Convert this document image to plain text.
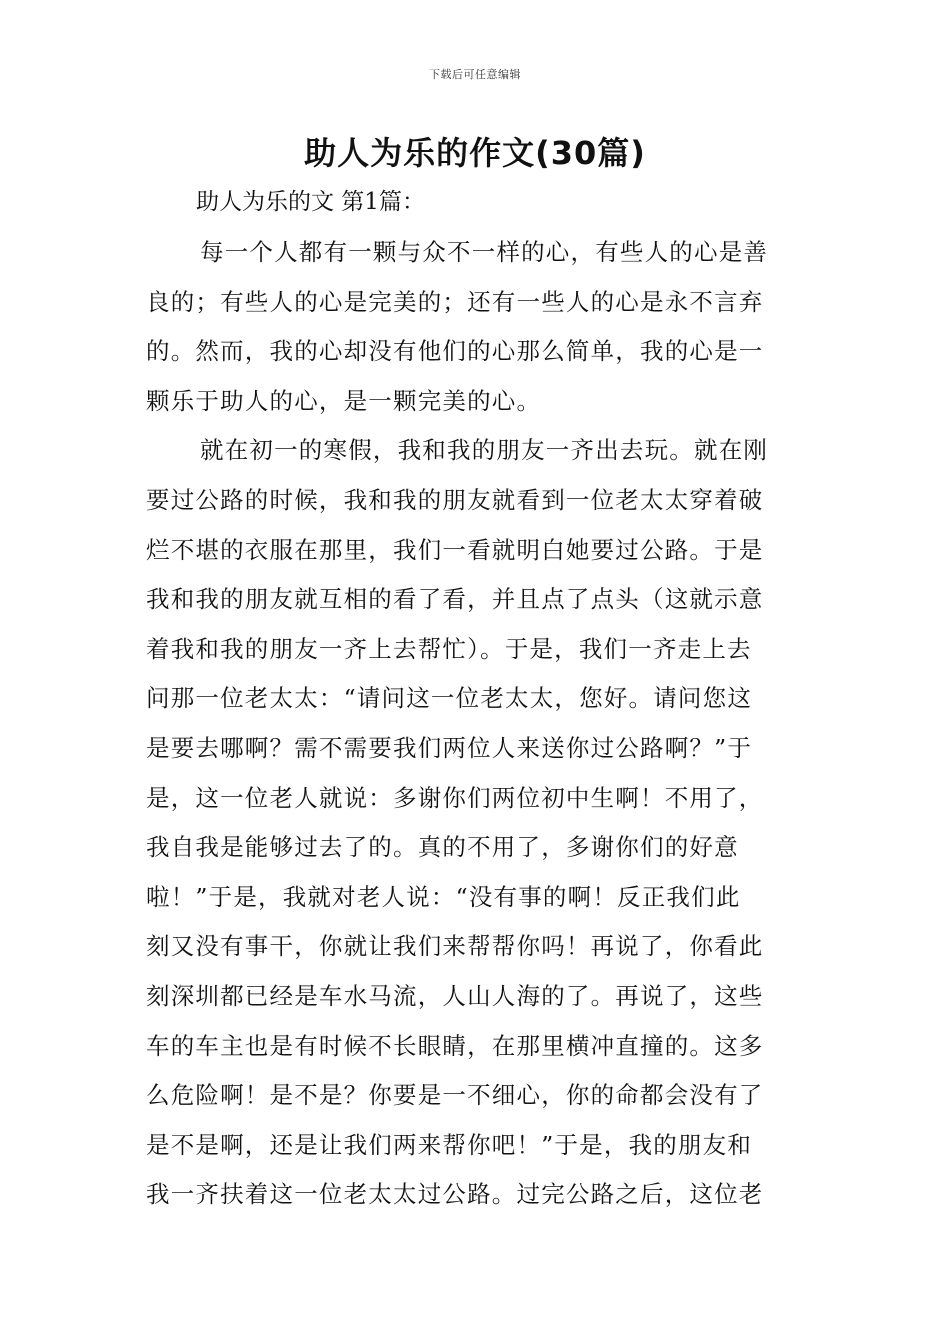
下载后可任意编辑
助人为乐的作文(30篇)
助人为乐的文 第1篇：
每一个人都有一颗与众不一样的心，有些人的心是善
良的；有些人的心是完美的；还有一些人的心是永不言弃
的。然而，我的心却没有他们的心那么简单，我的心是一
颗乐于助人的心，是一颗完美的心。
就在初一的寒假，我和我的朋友一齐出去玩。就在刚
要过公路的时候，我和我的朋友就看到一位老太太穿着破
烂不堪的衣服在那里，我们一看就明白她要过公路。于是
我和我的朋友就互相的看了看，并且点了点头（这就示意
着我和我的朋友一齐上去帮忙）。于是，我们一齐走上去
问那一位老太太：“请问这一位老太太，您好。请问您这
是要去哪啊？需不需要我们两位人来送你过公路啊？”于
是，这一位老人就说：多谢你们两位初中生啊！不用了，
我自我是能够过去了的。真的不用了，多谢你们的好意
啦！”于是，我就对老人说：“没有事的啊！反正我们此
刻又没有事干，你就让我们来帮帮你吗！再说了，你看此
刻深圳都已经是车水马流，人山人海的了。再说了，这些
车的车主也是有时候不长眼睛，在那里横冲直撞的。这多
么危险啊！是不是？你要是一不细心，你的命都会没有了
是不是啊，还是让我们两来帮你吧！”于是，我的朋友和
我一齐扶着这一位老太太过公路。过完公路之后，这位老
